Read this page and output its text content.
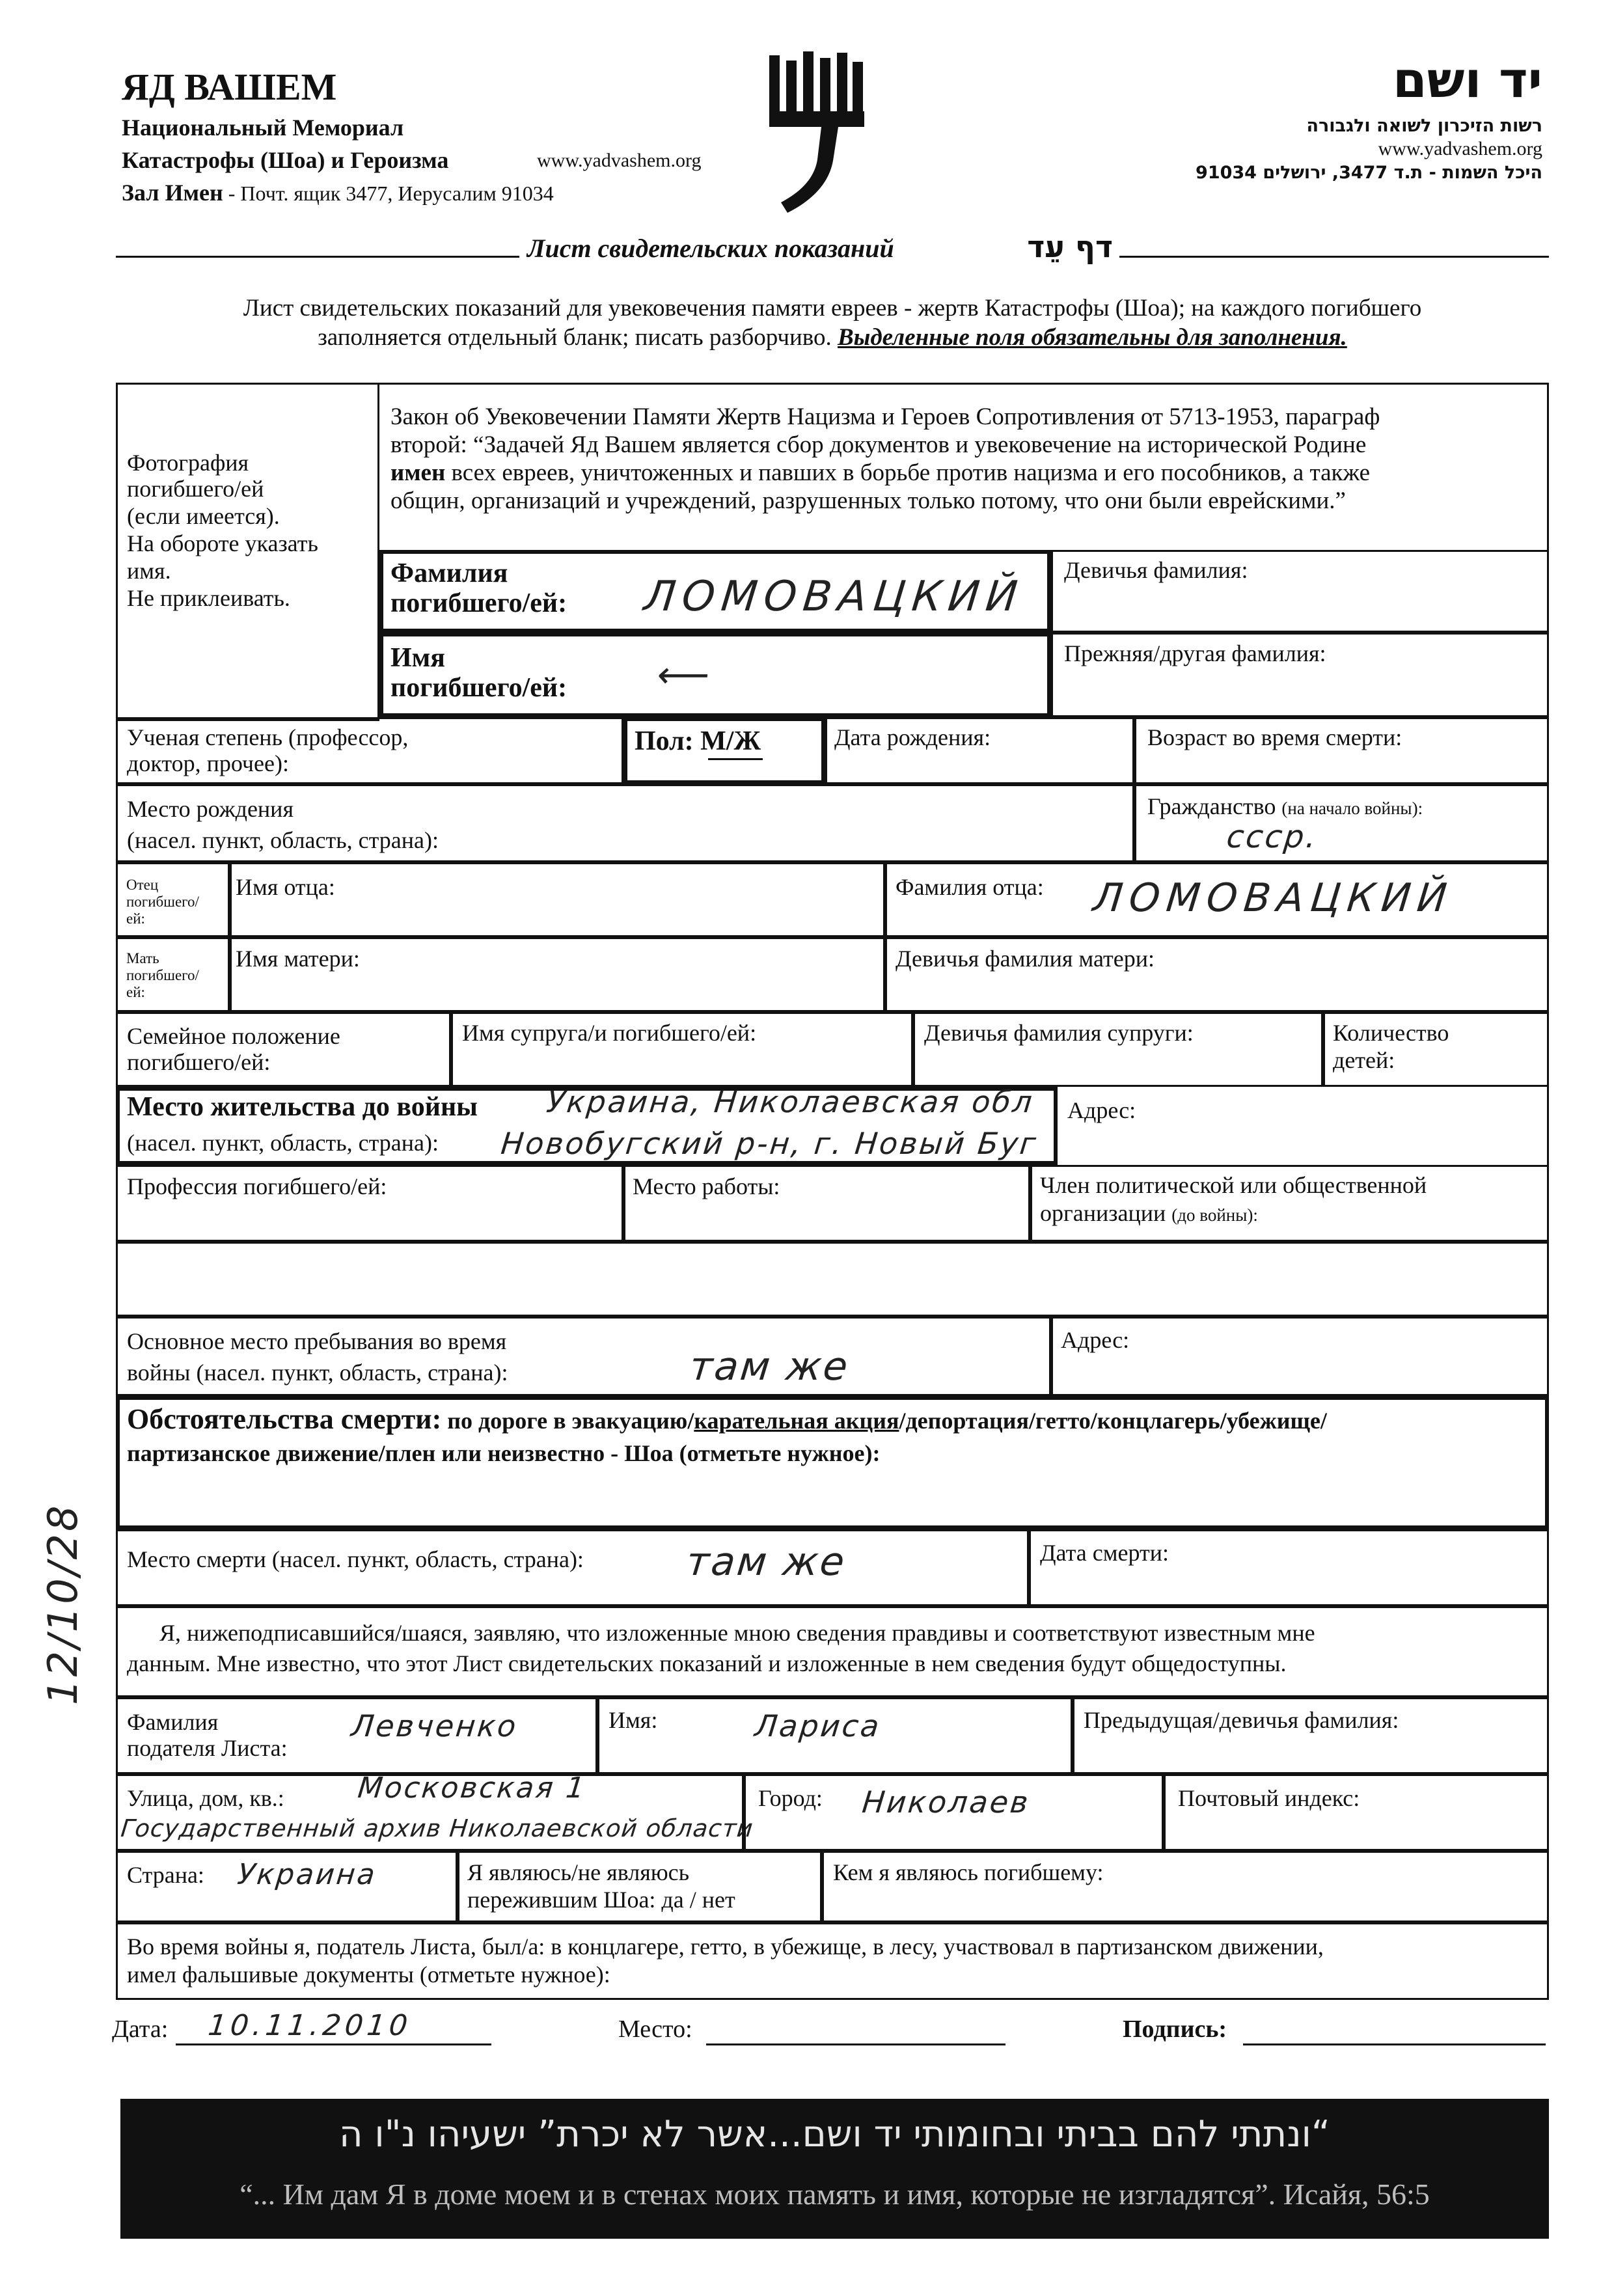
ЯД ВАШЕМ
Национальный Мемориал
Катастрофы (Шоа) и Героизма
Зал Имен - Почт. ящик 3477, Иерусалим 91034
www.yadvashem.org
יד ושם
רשות הזיכרון לשואה ולגבורה
www.yadvashem.org
היכל השמות - ת.ד 3477, ירושלים 91034
Лист свидетельских показаний	דף עֵד
Лист свидетельских показаний для увековечения памяти евреев - жертв Катастрофы (Шоа); на каждого погибшего
заполняется отдельный бланк; писать разборчиво. Выделенные поля обязательны для заполнения.
Фотография
погибшего/ей
(если имеется).
На обороте указать
имя.
Не приклеивать.
Закон об Увековечении Памяти Жертв Нацизма и Героев Сопротивления от 5713-1953, параграф
второй: “Задачей Яд Вашем является сбор документов и увековечение на исторической Родине
имен всех евреев, уничтоженных и павших в борьбе против нацизма и его пособников, а также
общин, организаций и учреждений, разрушенных только потому, что они были еврейскими.”
Фамилия
погибшего/ей: ЛОМОВАЦКИЙ
Девичья фамилия:
Имя
погибшего/ей: ⟵
Прежняя/другая фамилия:
Ученая степень (профессор,
доктор, прочее):
Пол: М/Ж	Дата рождения:	Возраст во время смерти:
Место рождения
(насел. пункт, область, страна):
Гражданство (на начало войны):
ссср.
Отец
погибшего/
ей:
Имя отца:	Фамилия отца: ЛОМОВАЦКИЙ
Мать
погибшего/
ей:
Имя матери:	Девичья фамилия матери:
Семейное положение
погибшего/ей:
Имя супруга/и погибшего/ей:	Девичья фамилия супруги:	Количество
детей:
Место жительства до войны
(насел. пункт, область, страна):
Украина, Николаевская обл
Новобугский р-н, г. Новый Буг
Адрес:
Профессия погибшего/ей:	Место работы:	Член политической или общественной
организации (до войны):
Основное место пребывания во время
войны (насел. пункт, область, страна):	там же
Адрес:
Обстоятельства смерти: по дороге в эвакуацию/карательная акция/депортация/гетто/концлагерь/убежище/
партизанское движение/плен или неизвестно - Шоа (отметьте нужное):
Место смерти (насел. пункт, область, страна):	там же	Дата смерти:
Я, нижеподписавшийся/шаяся, заявляю, что изложенные мною сведения правдивы и соответствуют известным мне
данным. Мне известно, что этот Лист свидетельских показаний и изложенные в нем сведения будут общедоступны.
Фамилия
подателя Листа:
Левченко	Имя:	Лариса	Предыдущая/девичья фамилия:
Улица, дом, кв.:	Московская 1
Государственный архив Николаевской области
Город: Николаев	Почтовый индекс:
Страна: Украина	Я являюсь/не являюсь
пережившим Шоа: да / нет
Кем я являюсь погибшему:
Во время войны я, податель Листа, был/а: в концлагере, гетто, в убежище, в лесу, участвовал в партизанском движении,
имел фальшивые документы (отметьте нужное):
12/10/28
Дата: 10.11.2010	Место:	Подпись:
“ונתתי להם בביתי ובחומותי יד ושם...אשר לא יכרת” ישעיהו נ"ו ה
“... Им дам Я в доме моем и в стенах моих память и имя, которые не изгладятся”. Исайя, 56:5
